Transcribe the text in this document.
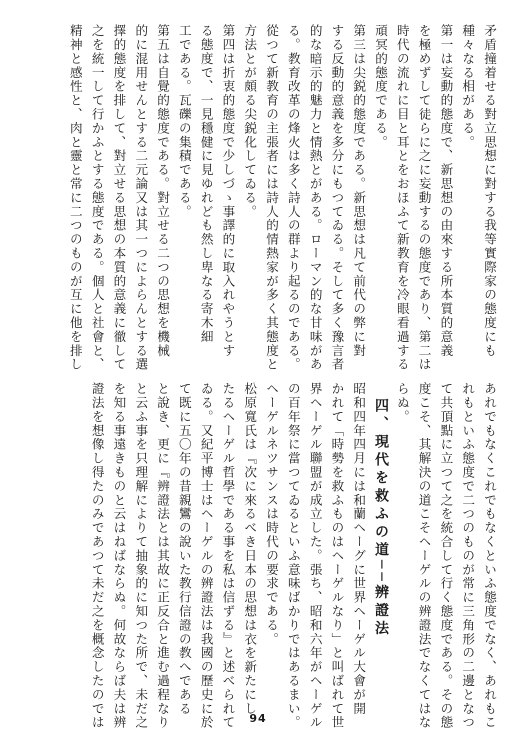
矛盾撞着せる對立思想に對する我等實際家の態度にも
種々なる相がある。
第一は妄動的態度で、新思想の由來する所本質的意義
を極めずして徒らに之に妄動するの態度であり、第二は
時代の流れに目と耳とをおほふて新教育を冷眼看過する
頑冥的態度である。
第三は尖鋭的態度である。新思想は凡て前代の弊に對
する反動的意義を多分にもつてゐる。そして多く豫言者
的な暗示的魅力と情熱とがある。ローマン的な甘味があ
る。教育改革の烽火は多く詩人の群より起るのである。
從つて新教育の主張者には詩人的情熱家が多く其態度と
方法とが頗る尖鋭化してゐる。
第四は折衷的態度で少しづゝ事譯的に取入れやうとす
る態度で、一見穩健に見ゆれども然し卑なる寄木細
工である。瓦礫の集積である。
第五は自覺的態度である。對立せる二つの思想を機械
的に混用せんとする二元論又は其一つによらんとする選
擇的態度を排して、對立せる思想の本質的意義に徹して
之を統一して行かふとする態度である。個人と社會と、
精神と感性と、肉と靈と常に二つのものが互に他を排し
あれでもなくこれでもなくといふ態度でなく、あれもこ
れもといふ態度で二つのものが常に三角形の二邊となつ
て共頂點に立つて之を統合して行く態度である。その態
度こそ、其解決の道こそヘーゲルの辨證法でなくてはな
らぬ。
四、現代を救ふの道──辨證法
昭和四年四月には和蘭ヘーグに世界ヘーゲル大會が開
かれて「時勢を救ふものはヘーゲルなり」と叫ばれて世
界ヘーゲル聯盟が成立した。張ち、昭和六年がヘーゲル
の百年祭に當つてゐるといふ意味ばかりではあるまい。
ヘーゲルネツサンスは時代の要求である。
松原寬氏は『次に來るべき日本の思想は衣を新たにし
たるヘーゲル哲學である事を私は信ずる』と述べられて
ゐる。又紀平博士はヘーゲルの辨證法は我國の歷史に於
て既に五〇年の昔親鸞の說いた教行信證の教へである
と說き、更に『辨證法とは其故に正反合と進む過程なり
と云ふ事を只理解によりて抽象的に知つた所で、未だ之
を知る事遠きものと云はねばならぬ。何故ならば夫は辨
證法を想像し得たのみであつて未だ之を概念したのでは	94
